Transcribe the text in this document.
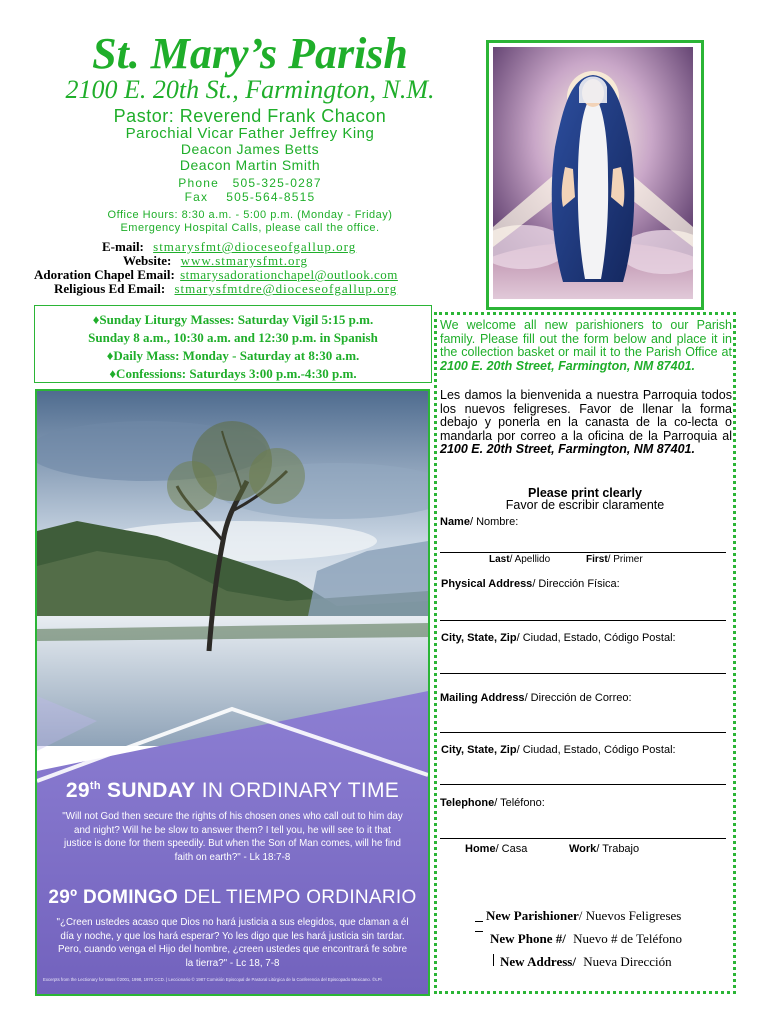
St. Mary’s Parish
2100 E. 20th St., Farmington, N.M.
Pastor: Reverend Frank Chacon
Parochial Vicar Father Jeffrey King
Deacon James Betts
Deacon Martin Smith
Phone   505-325-0287
Fax    505-564-8515
Office Hours: 8:30 a.m. - 5:00 p.m. (Monday - Friday)
Emergency Hospital Calls, please call the office.
E-mail: stmarysfmt@dioceseofgallup.org
Website: www.stmarysfmt.org
Adoration Chapel Email: stmarysadorationchapel@outlook.com
Religious Ed Email: stmarysfmtdre@dioceseofgallup.org
♦Sunday Liturgy Masses: Saturday Vigil 5:15 p.m.
Sunday 8 a.m., 10:30 a.m. and 12:30 p.m. in Spanish
♦Daily Mass: Monday - Saturday at 8:30 a.m.
♦Confessions: Saturdays 3:00 p.m.-4:30 p.m.
29th SUNDAY IN ORDINARY TIME
"Will not God then secure the rights of his chosen ones who call out to him day and night? Will he be slow to answer them? I tell you, he will see to it that justice is done for them speedily. But when the Son of Man comes, will he find faith on earth?" - Lk 18:7-8
29º DOMINGO DEL TIEMPO ORDINARIO
"¿Creen ustedes acaso que Dios no hará justicia a sus elegidos, que claman a él día y noche, y que los hará esperar? Yo les digo que les hará justicia sin tardar. Pero, cuando venga el Hijo del hombre, ¿creen ustedes que encontrará fe sobre la tierra?" - Lc 18, 7-8
Excerpts from the Lectionary for Mass ©2001, 1998, 1970 CCD. | Leccionario © 1987 Comisión Episcopal de Pastoral Litúrgica de la Conferencia del Episcopado Mexicano. ©LPi
We welcome all new parishioners to our Parish family. Please fill out the form below and place it in the collection basket or mail it to the Parish Office at 2100 E. 20th Street, Farmington, NM 87401.
Les damos la bienvenida a nuestra Parroquia todos los nuevos feligreses. Favor de llenar la forma debajo y ponerla en la canasta de la co-lecta o mandarla por correo a la oficina de la Parroquia al 2100 E. 20th Street, Farmington, NM 87401.
Please print clearly
Favor de escribir claramente
Name/ Nombre:
Last/ Apellido	First/ Primer
Physical Address/ Dirección Física:
City, State, Zip/ Ciudad, Estado, Código Postal:
Mailing Address/ Dirección de Correo:
City, State, Zip/ Ciudad, Estado, Código Postal:
Telephone/ Teléfono:
Home/ Casa	Work/ Trabajo
New Parishioner/ Nuevos Feligreses
New Phone #/ Nuevo # de Teléfono
New Address/ Nueva Dirección
